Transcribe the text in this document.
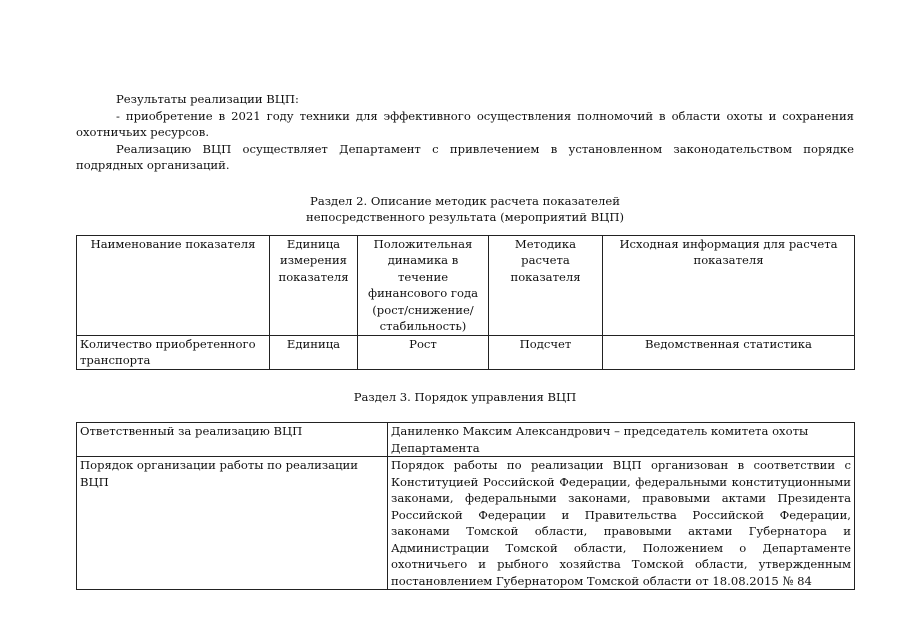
Результаты реализации ВЦП:

- приобретение в 2021 году техники для эффективного осуществления полномочий в области охоты и сохранения охотничьих ресурсов.

Реализацию ВЦП осуществляет Департамент с привлечением в установленном законодательством порядке подрядных организаций.

Раздел 2. Описание методик расчета показателей

непосредственного результата (мероприятий ВЦП)

Наименование показателя	Единица измерения показателя	Положительная динамика в течение финансового года (рост/снижение/ стабильность)	Методика расчета показателя	Исходная информация для расчета показателя
Количество приобретенного транспорта	Единица	Рост	Подсчет	Ведомственная статистика

Раздел 3. Порядок управления ВЦП

Ответственный за реализацию ВЦП	Даниленко Максим Александрович – председатель комитета охоты Департамента
Порядок организации работы по реализации ВЦП	Порядок работы по реализации ВЦП организован в соответствии с Конституцией Российской Федерации, федеральными конституционными законами, федеральными законами, правовыми актами Президента Российской Федерации и Правительства Российской Федерации, законами Томской области, правовыми актами Губернатора и Администрации Томской области, Положением о Департаменте охотничьего и рыбного хозяйства Томской области, утвержденным постановлением Губернатором Томской области от 18.08.2015 № 84
